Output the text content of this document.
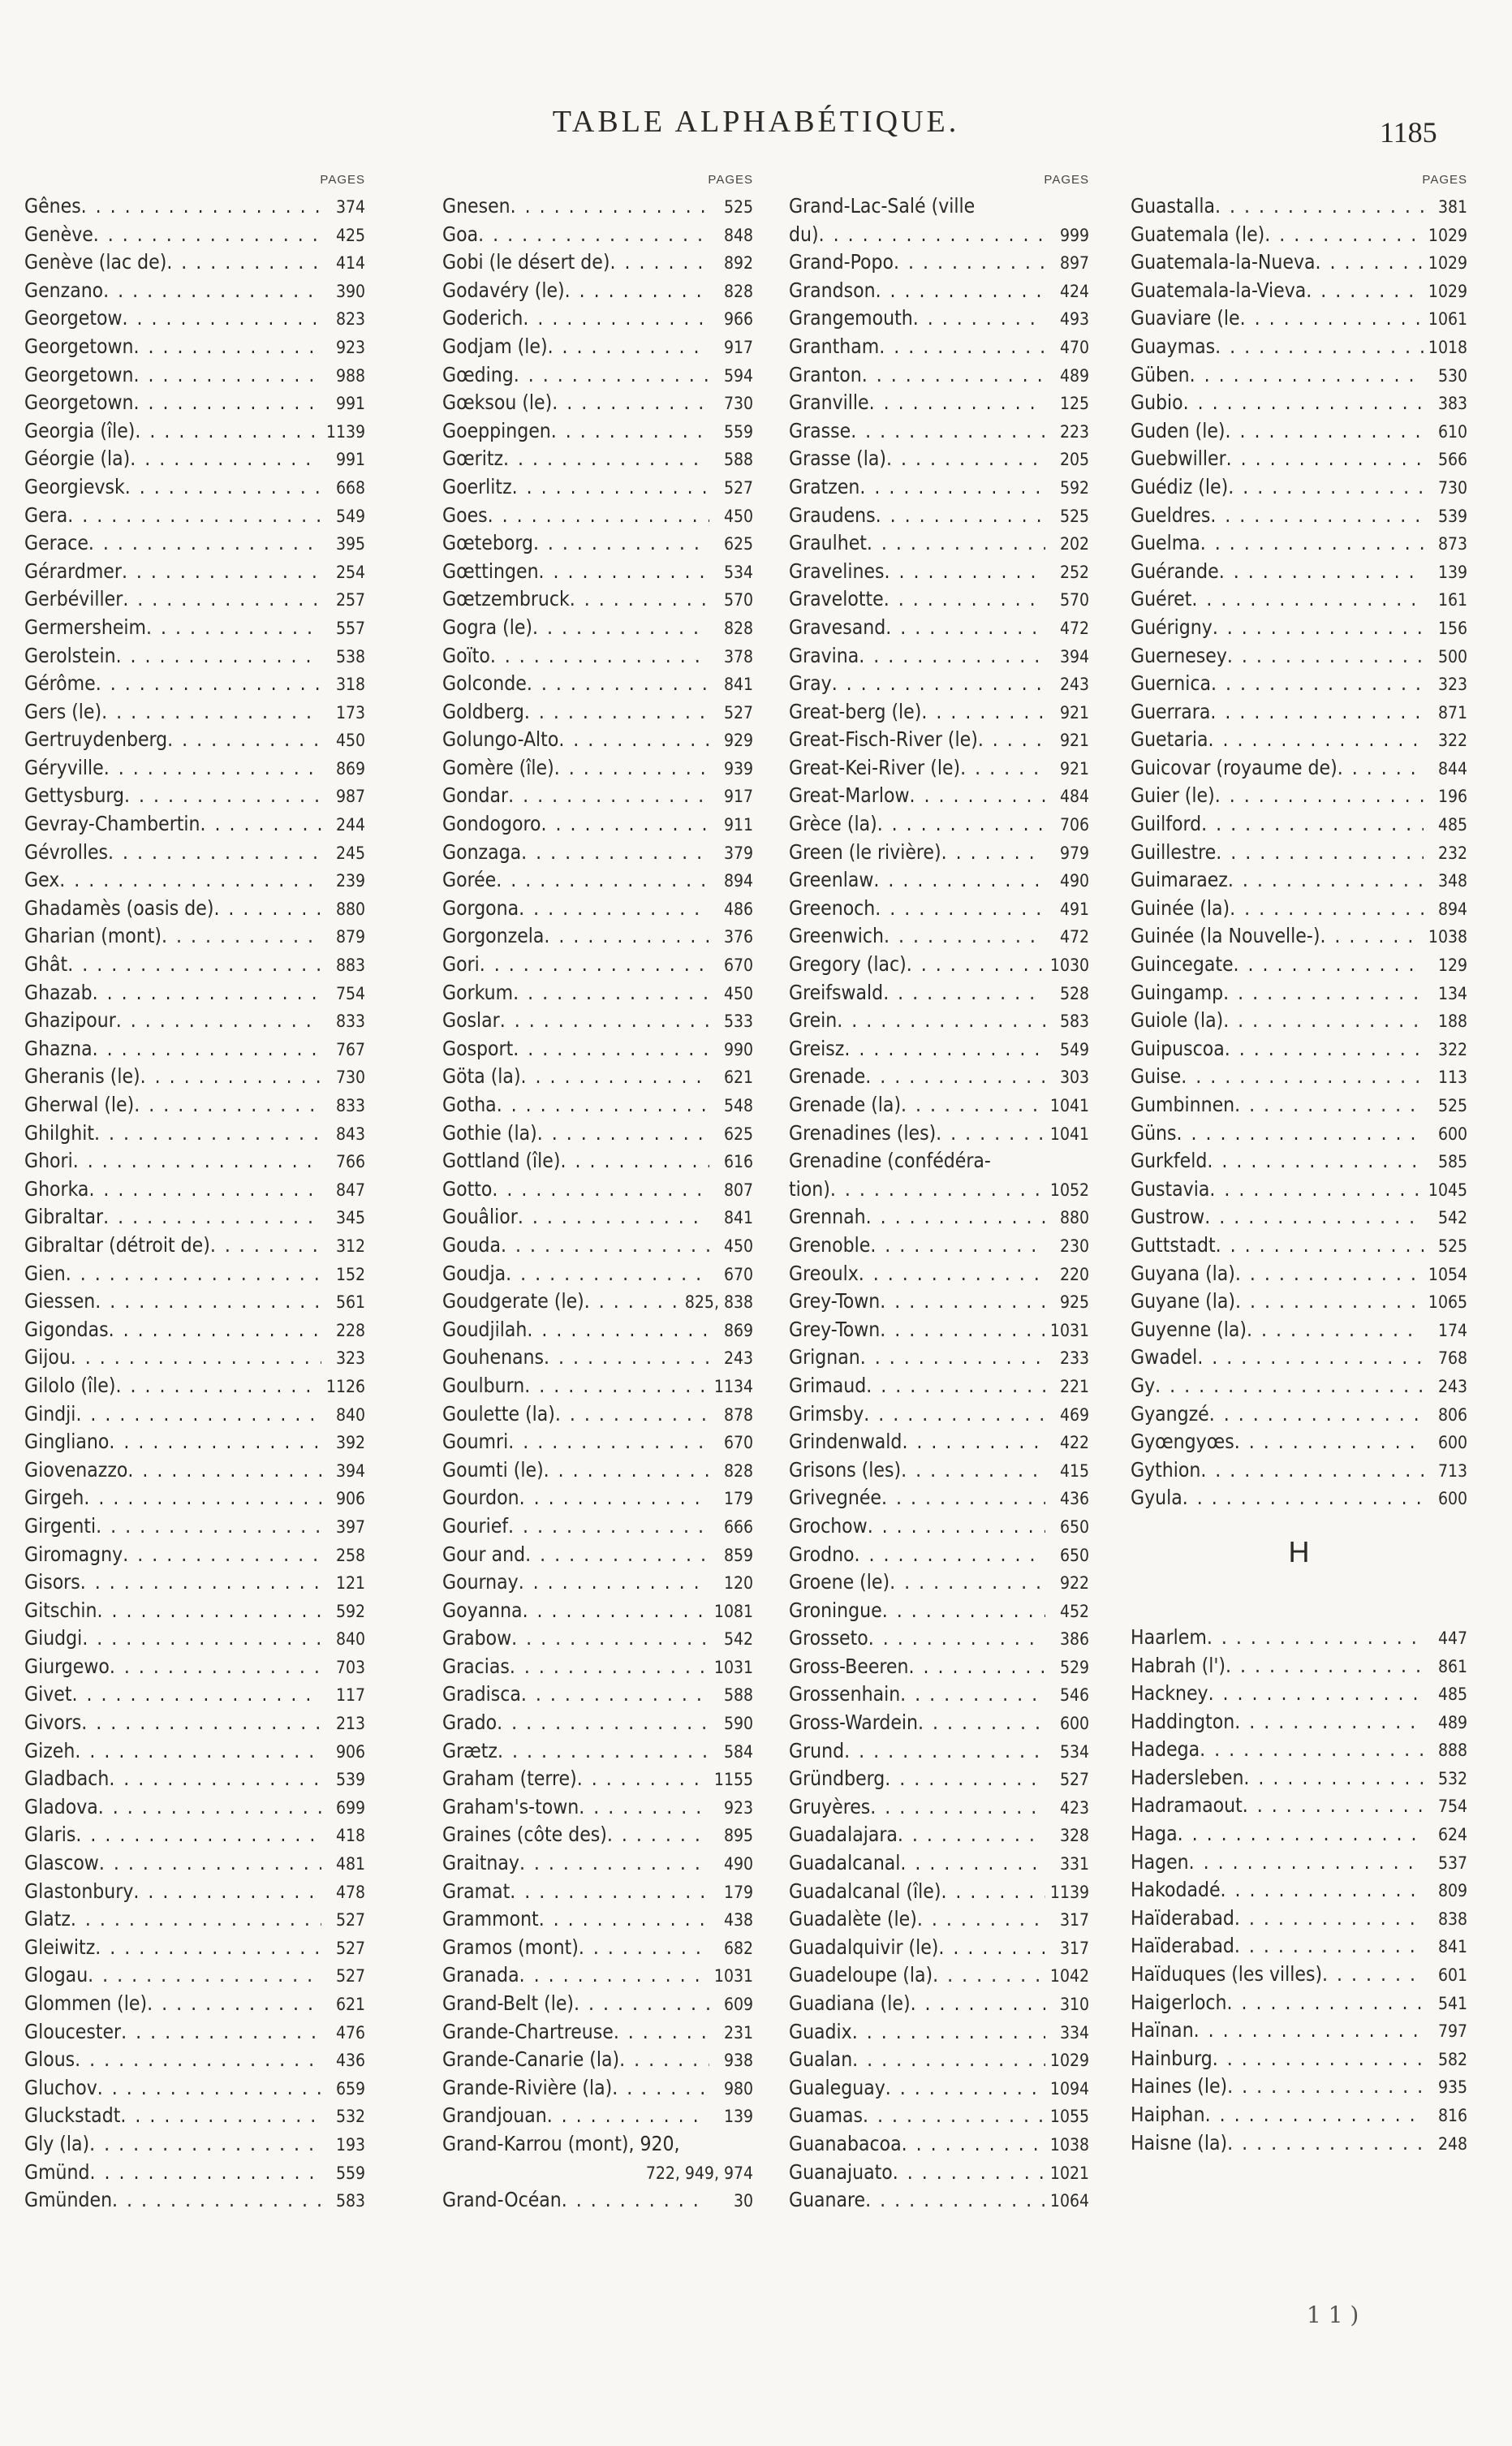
TABLE ALPHABÉTIQUE.	1185
PAGES
Gênes . . .	374
Genève . . .	425
Genève (lac de) . . .	414
Genzano . . .	390
Georgetow . . .	823
Georgetown . . .	923
Georgetown . . .	988
Georgetown . . .	991
Georgia (île) . . .	1139
Géorgie (la) . . .	991
Georgievsk . . .	668
Gera . . .	549
Gerace . . .	395
Gérardmer . . .	254
Gerbéviller . . .	257
Germersheim . . .	557
Gerolstein . . .	538
Gérôme . . .	318
Gers (le) . . .	173
Gertruydenberg . . .	450
Géryville . . .	869
Gettysburg . . .	987
Gevray-Chambertin . . .	244
Gévrolles . . .	245
Gex . . .	239
Ghadamès (oasis de) . . .	880
Gharian (mont) . . .	879
Ghât . . .	883
Ghazab . . .	754
Ghazipour . . .	833
Ghazna . . .	767
Gheranis (le) . . .	730
Gherwal (le) . . .	833
Ghilghit . . .	843
Ghori . . .	766
Ghorka . . .	847
Gibraltar . . .	345
Gibraltar (détroit de) . . .	312
Gien . . .	152
Giessen . . .	561
Gigondas . . .	228
Gijou . . .	323
Gilolo (île) . . .	1126
Gindji . . .	840
Gingliano . . .	392
Giovenazzo . . .	394
Girgeh . . .	906
Girgenti . . .	397
Giromagny . . .	258
Gisors . . .	121
Gitschin . . .	592
Giudgi . . .	840
Giurgewo . . .	703
Givet . . .	117
Givors . . .	213
Gizeh . . .	906
Gladbach . . .	539
Gladova . . .	699
Glaris . . .	418
Glascow . . .	481
Glastonbury . . .	478
Glatz . . .	527
Gleiwitz . . .	527
Glogau . . .	527
Glommen (le) . . .	621
Gloucester . . .	476
Glous . . .	436
Gluchov . . .	659
Gluckstadt . . .	532
Gly (la) . . .	193
Gmünd . . .	559
Gmünden . . .	583
PAGES
Gnesen . . .	525
Goa . . .	848
Gobi (le désert de) . . .	892
Godavéry (le) . . .	828
Goderich . . .	966
Godjam (le) . . .	917
Gœding . . .	594
Gœksou (le) . . .	730
Goeppingen . . .	559
Gœritz . . .	588
Goerlitz . . .	527
Goes . . .	450
Gœteborg . . .	625
Gœttingen . . .	534
Gœtzembruck . . .	570
Gogra (le) . . .	828
Goïto . . .	378
Golconde . . .	841
Goldberg . . .	527
Golungo-Alto . . .	929
Gomère (île) . . .	939
Gondar . . .	917
Gondogoro . . .	911
Gonzaga . . .	379
Gorée . . .	894
Gorgona . . .	486
Gorgonzela . . .	376
Gori . . .	670
Gorkum . . .	450
Goslar . . .	533
Gosport . . .	990
Göta (la) . . .	621
Gotha . . .	548
Gothie (la) . . .	625
Gottland (île) . . .	616
Gotto . . .	807
Gouâlior . . .	841
Gouda . . .	450
Goudja . . .	670
Goudgerate (le) . . .	825, 838
Goudjilah . . .	869
Gouhenans . . .	243
Goulburn . . .	1134
Goulette (la) . . .	878
Goumri . . .	670
Goumti (le) . . .	828
Gourdon . . .	179
Gourief . . .	666
Gour and . . .	859
Gournay . . .	120
Goyanna . . .	1081
Grabow . . .	542
Gracias . . .	1031
Gradisca . . .	588
Grado . . .	590
Grætz . . .	584
Graham (terre) . . .	1155
Graham's-town . . .	923
Graines (côte des) . . .	895
Graitnay . . .	490
Gramat . . .	179
Grammont . . .	438
Gramos (mont) . . .	682
Granada . . .	1031
Grand-Belt (le) . . .	609
Grande-Chartreuse . . .	231
Grande-Canarie (la) . . .	938
Grande-Rivière (la) . . .	980
Grandjouan . . .	139
Grand-Karrou (mont), 920,
722, 949, 974
Grand-Océan . . .	30
PAGES
Grand-Lac-Salé (ville
du) . . .	999
Grand-Popo . . .	897
Grandson . . .	424
Grangemouth . . .	493
Grantham . . .	470
Granton . . .	489
Granville . . .	125
Grasse . . .	223
Grasse (la) . . .	205
Gratzen . . .	592
Graudens . . .	525
Graulhet . . .	202
Gravelines . . .	252
Gravelotte . . .	570
Gravesand . . .	472
Gravina . . .	394
Gray . . .	243
Great-berg (le) . . .	921
Great-Fisch-River (le) . . .	921
Great-Kei-River (le) . . .	921
Great-Marlow . . .	484
Grèce (la) . . .	706
Green (le rivière) . . .	979
Greenlaw . . .	490
Greenoch . . .	491
Greenwich . . .	472
Gregory (lac) . . .	1030
Greifswald . . .	528
Grein . . .	583
Greisz . . .	549
Grenade . . .	303
Grenade (la) . . .	1041
Grenadines (les) . . .	1041
Grenadine (confédéra-
tion) . . .	1052
Grennah . . .	880
Grenoble . . .	230
Greoulx . . .	220
Grey-Town . . .	925
Grey-Town . . .	1031
Grignan . . .	233
Grimaud . . .	221
Grimsby . . .	469
Grindenwald . . .	422
Grisons (les) . . .	415
Grivegnée . . .	436
Grochow . . .	650
Grodno . . .	650
Groene (le) . . .	922
Groningue . . .	452
Grosseto . . .	386
Gross-Beeren . . .	529
Grossenhain . . .	546
Gross-Wardein . . .	600
Grund . . .	534
Gründberg . . .	527
Gruyères . . .	423
Guadalajara . . .	328
Guadalcanal . . .	331
Guadalcanal (île) . . .	1139
Guadalète (le) . . .	317
Guadalquivir (le) . . .	317
Guadeloupe (la) . . .	1042
Guadiana (le) . . .	310
Guadix . . .	334
Gualan . . .	1029
Gualeguay . . .	1094
Guamas . . .	1055
Guanabacoa . . .	1038
Guanajuato . . .	1021
Guanare . . .	1064
PAGES
Guastalla . . .	381
Guatemala (le) . . .	1029
Guatemala-la-Nueva . . .	1029
Guatemala-la-Vieva . . .	1029
Guaviare (le . . .	1061
Guaymas . . .	1018
Güben . . .	530
Gubio . . .	383
Guden (le) . . .	610
Guebwiller . . .	566
Guédiz (le) . . .	730
Gueldres . . .	539
Guelma . . .	873
Guérande . . .	139
Guéret . . .	161
Guérigny . . .	156
Guernesey . . .	500
Guernica . . .	323
Guerrara . . .	871
Guetaria . . .	322
Guicovar (royaume de) . . .	844
Guier (le) . . .	196
Guilford . . .	485
Guillestre . . .	232
Guimaraez . . .	348
Guinée (la) . . .	894
Guinée (la Nouvelle-) . . .	1038
Guincegate . . .	129
Guingamp . . .	134
Guiole (la) . . .	188
Guipuscoa . . .	322
Guise . . .	113
Gumbinnen . . .	525
Güns . . .	600
Gurkfeld . . .	585
Gustavia . . .	1045
Gustrow . . .	542
Guttstadt . . .	525
Guyana (la) . . .	1054
Guyane (la) . . .	1065
Guyenne (la) . . .	174
Gwadel . . .	768
Gy . . .	243
Gyangzé . . .	806
Gyœngyœs . . .	600
Gythion . . .	713
Gyula . . .	600
H
Haarlem . . .	447
Habrah (l') . . .	861
Hackney . . .	485
Haddington . . .	489
Hadega . . .	888
Hadersleben . . .	532
Hadramaout . . .	754
Haga . . .	624
Hagen . . .	537
Hakodadé . . .	809
Haïderabad . . .	838
Haïderabad . . .	841
Haïduques (les villes) . . .	601
Haigerloch . . .	541
Haïnan . . .	797
Hainburg . . .	582
Haines (le) . . .	935
Haiphan . . .	816
Haisne (la) . . .	248
1 1 )
